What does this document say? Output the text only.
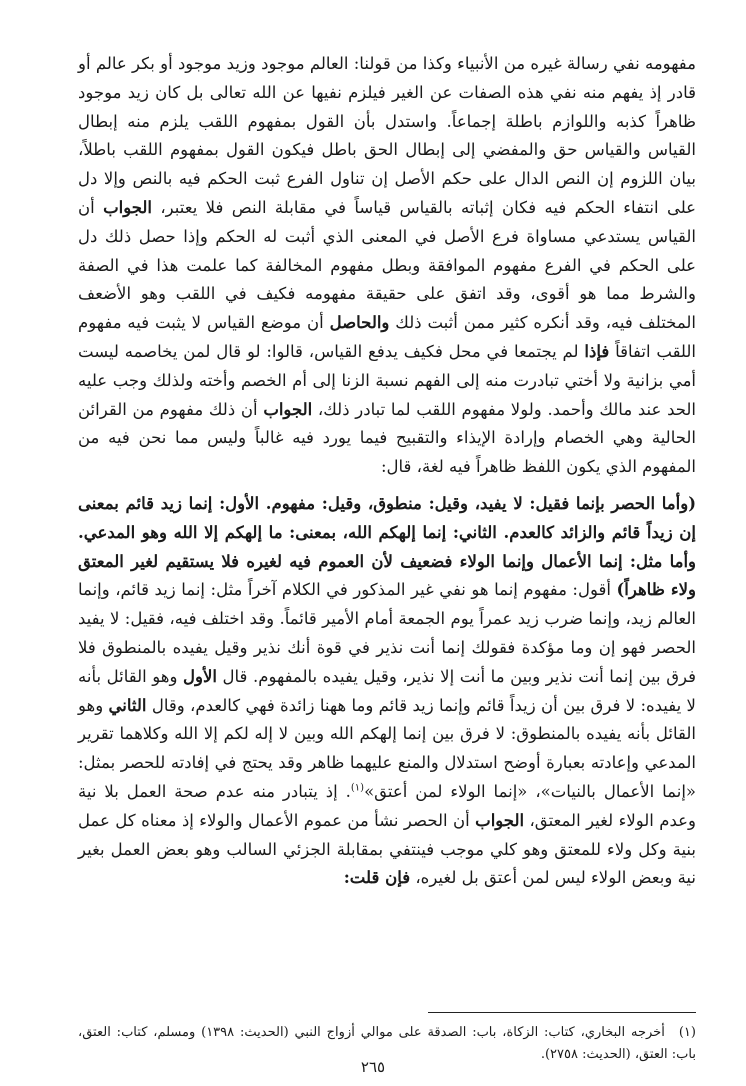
مفهومه نفي رسالة غيره من الأنبياء وكذا من قولنا: العالم موجود وزيد موجود أو بكر عالم أو قادر إذ يفهم منه نفي هذه الصفات عن الغير فيلزم نفيها عن الله تعالى بل كان زيد موجود ظاهراً كذبه واللوازم باطلة إجماعاً. واستدل بأن القول بمفهوم اللقب يلزم منه إبطال القياس والقياس حق والمفضي إلى إبطال الحق باطل فيكون القول بمفهوم اللقب باطلاً، بيان اللزوم إن النص الدال على حكم الأصل إن تناول الفرع ثبت الحكم فيه بالنص وإلا دل على انتفاء الحكم فيه فكان إثباته بالقياس قياساً في مقابلة النص فلا يعتبر، الجواب أن القياس يستدعي مساواة فرع الأصل في المعنى الذي أثبت له الحكم وإذا حصل ذلك دل على الحكم في الفرع مفهوم الموافقة وبطل مفهوم المخالفة كما علمت هذا في الصفة والشرط مما هو أقوى، وقد اتفق على حقيقة مفهومه فكيف في اللقب وهو الأضعف المختلف فيه، وقد أنكره كثير ممن أثبت ذلك والحاصل أن موضع القياس لا يثبت فيه مفهوم اللقب اتفاقاً فإذا لم يجتمعا في محل فكيف يدفع القياس، قالوا: لو قال لمن يخاصمه ليست أمي بزانية ولا أختي تبادرت منه إلى الفهم نسبة الزنا إلى أم الخصم وأخته ولذلك وجب عليه الحد عند مالك وأحمد. ولولا مفهوم اللقب لما تبادر ذلك، الجواب أن ذلك مفهوم من القرائن الحالية وهي الخصام وإرادة الإيذاء والتقبيح فيما يورد فيه غالباً وليس مما نحن فيه من المفهوم الذي يكون اللفظ ظاهراً فيه لغة، قال:

(وأما الحصر بإنما فقيل: لا يفيد، وقيل: منطوق، وقيل: مفهوم. الأول: إنما زيد قائم بمعنى إن زيداً قائم والزائد كالعدم. الثاني: إنما إلهكم الله، بمعنى: ما إلهكم إلا الله وهو المدعي. وأما مثل: إنما الأعمال وإنما الولاء فضعيف لأن العموم فيه لغيره فلا يستقيم لغير المعتق ولاء ظاهراً) أقول: مفهوم إنما هو نفي غير المذكور في الكلام آخراً مثل: إنما زيد قائم، وإنما العالم زيد، وإنما ضرب زيد عمراً يوم الجمعة أمام الأمير قائماً. وقد اختلف فيه، فقيل: لا يفيد الحصر فهو إن وما مؤكدة فقولك إنما أنت نذير في قوة أنك نذير وقيل يفيده بالمنطوق فلا فرق بين إنما أنت نذير وبين ما أنت إلا نذير، وقيل يفيده بالمفهوم. قال الأول وهو القائل بأنه لا يفيده: لا فرق بين أن زيداً قائم وإنما زيد قائم وما ههنا زائدة فهي كالعدم، وقال الثاني وهو القائل بأنه يفيده بالمنطوق: لا فرق بين إنما إلهكم الله وبين لا إله لكم إلا الله وكلاهما تقرير المدعي وإعادته بعبارة أوضح استدلال والمنع عليهما ظاهر وقد يحتج في إفادته للحصر بمثل: «إنما الأعمال بالنيات»، «إنما الولاء لمن أعتق»$^{(١)}$. إذ يتبادر منه عدم صحة العمل بلا نية وعدم الولاء لغير المعتق، الجواب أن الحصر نشأ من عموم الأعمال والولاء إذ معناه كل عمل بنية وكل ولاء للمعتق وهو كلي موجب فينتفي بمقابلة الجزئي السالب وهو بعض العمل بغير نية وبعض الولاء ليس لمن أعتق بل لغيره، فإن قلت:

(١)أخرجه البخاري، كتاب: الزكاة، باب: الصدقة على موالي أزواج النبي (الحديث: ١٣٩٨) ومسلم، كتاب: العتق، باب: العتق، (الحديث: ٢٧٥٨).
٢٦٥
